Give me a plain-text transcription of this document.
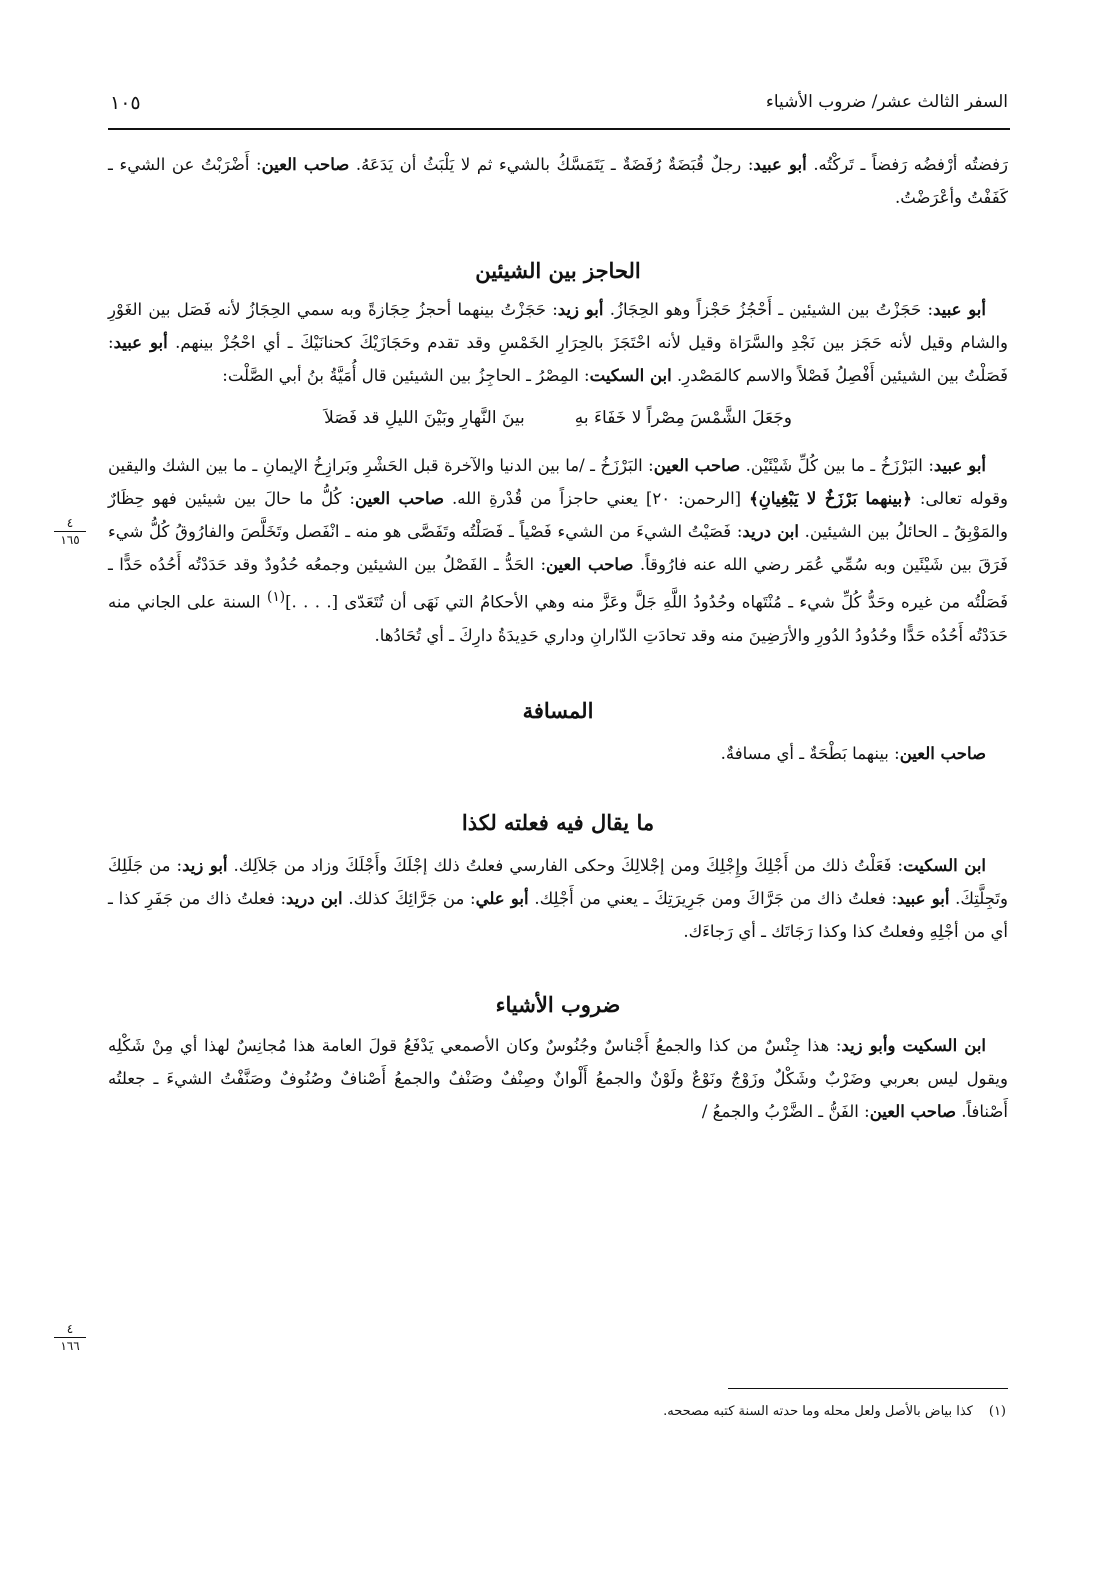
١٠٥	السفر الثالث عشر/ ضروب الأشياء
٤
١٦٥
٤
١٦٦

رَفضتُه أرْفضُه رَفضاً ـ تَركْتُه. أبو عبيد: رجلٌ قُبَضَةٌ رُفَضَةٌ ـ يَتَمَسَّكُ بالشيء ثم لا يَلْبَثُ أن يَدَعَهُ. صاحب العين: أَضْرَبْتُ عن الشيء ـ كَفَفْتُ وأعْرَضْتُ.

الحاجز بين الشيئين

أبو عبيد: حَجَزْتُ بين الشيئين ـ أَحْجُزُ حَجْزاً وهو الحِجَازُ. أبو زيد: حَجَزْتُ بينهما أحجزُ حِجَازةً وبه سمي الحِجَازُ لأنه فَصَل بين الغَوْرِ والشام وقيل لأنه حَجَز بين نَجْدِ والسَّرَاة وقيل لأنه احْتَجَزَ بالحِرَارِ الخَمْسِ وقد تقدم وحَجَازَيْكَ كحنانَيْكَ ـ أي احْجُزْ بينهم. أبو عبيد: فَصَلْتُ بين الشيئين أَفْصِلُ فَصْلاً والاسم كالمَصْدرِ. ابن السكيت: المِصْرُ ـ الحاجِزُ بين الشيئين قال أُمَيَّةُ بنُ أبي الصَّلْت:

وجَعَلَ الشَّمْسَ مِصْراً لا خَفَاءَ بهِ
بينَ النَّهارِ وبَيْنَ الليلِ قد فَصَلاَ

أبو عبيد: البَرْزَخُ ـ ما بين كُلِّ شَيْئَيْن. صاحب العين: البَرْزَخُ ـ /ما بين الدنيا والآخرة قبل الحَشْرِ وبَرازِخُ الإيمانِ ـ ما بين الشك واليقين وقوله تعالى: ﴿بينهما بَرْزَخٌ لا يَبْغِيانِ﴾ [الرحمن: ٢٠] يعني حاجزاً من قُدْرةِ الله. صاحب العين: كُلُّ ما حالَ بين شيئين فهو حِظَارٌ والمَوْبِقُ ـ الحائلُ بين الشيئين. ابن دريد: فَصَيْتُ الشيءَ من الشيء فَصْياً ـ فَصَلْتُه وتَفَصَّى هو منه ـ انْفَصل وتَخَلَّصَ والفارُوقُ كُلُّ شيء فَرَقَ بين شَيْئَين وبه سُمِّي عُمَر رضي الله عنه فارُوقاً. صاحب العين: الحَدُّ ـ الفَصْلُ بين الشيئين وجمعُه حُدُودٌ وقد حَدَدْتُه أَحُدُه حَدًّا ـ فَصَلْتُه من غيره وحَدُّ كُلِّ شيء ـ مُنْتَهاه وحُدُودُ اللَّهِ جَلَّ وعَزَّ منه وهي الأحكامُ التي نَهَى أن تُتَعَدّى [. . . .]$^{(١)}$ السنة على الجاني منه حَدَدْتُه أَحُدُه حَدًّا وحُدُودُ الدُورِ والأرَضِينَ منه وقد تحادَتِ الدّارانِ وداري حَدِيدَةُ دارِكَ ـ أي تُحَادُها.

المسافة

صاحب العين: بينهما بَطْحَةٌ ـ أي مسافةٌ.

ما يقال فيه فعلته لكذا

ابن السكيت: فَعَلْتُ ذلك من أَجْلِكَ وإِجْلِكَ ومن إجْلالِكَ وحكى الفارسي فعلتُ ذلك إجْلَكَ وأَجْلَكَ وزاد من جَلاَلِك. أبو زيد: من جَلَلِكَ وتَجِلَّتِكَ. أبو عبيد: فعلتُ ذاك من جَرَّاكَ ومن جَرِيرَتِكَ ـ يعني من أَجْلِك. أبو علي: من جَرَّائِكَ كذلك. ابن دريد: فعلتُ ذاك من جَفَرِ كذا ـ أي من أجْلِهِ وفعلتُ كذا وكذا رَجَاتَك ـ أي رَجاءَك.

ضروب الأشياء

ابن السكيت وأبو زيد: هذا جِنْسٌ من كذا والجمعُ أَجْناسٌ وجُنُوسٌ وكان الأصمعي يَدْفَعُ قولَ العامة هذا مُجانِسٌ لهذا أي مِنْ شَكْلِه ويقول ليس بعربي وضَرْبٌ وشَكْلٌ وزَوْجٌ ونَوْعٌ ولَوْنٌ والجمعُ أَلْوانٌ وصِنْفٌ وصَنْفٌ والجمعُ أَصْنافٌ وصُنُوفٌ وصَنَّفْتُ الشيءَ ـ جعلتُه أَصْنافاً. صاحب العين: الفَنُّ ـ الضَّرْبُ والجمعُ /

(١)كذا بياض بالأصل ولعل محله وما حدته السنة كتبه مصححه.
